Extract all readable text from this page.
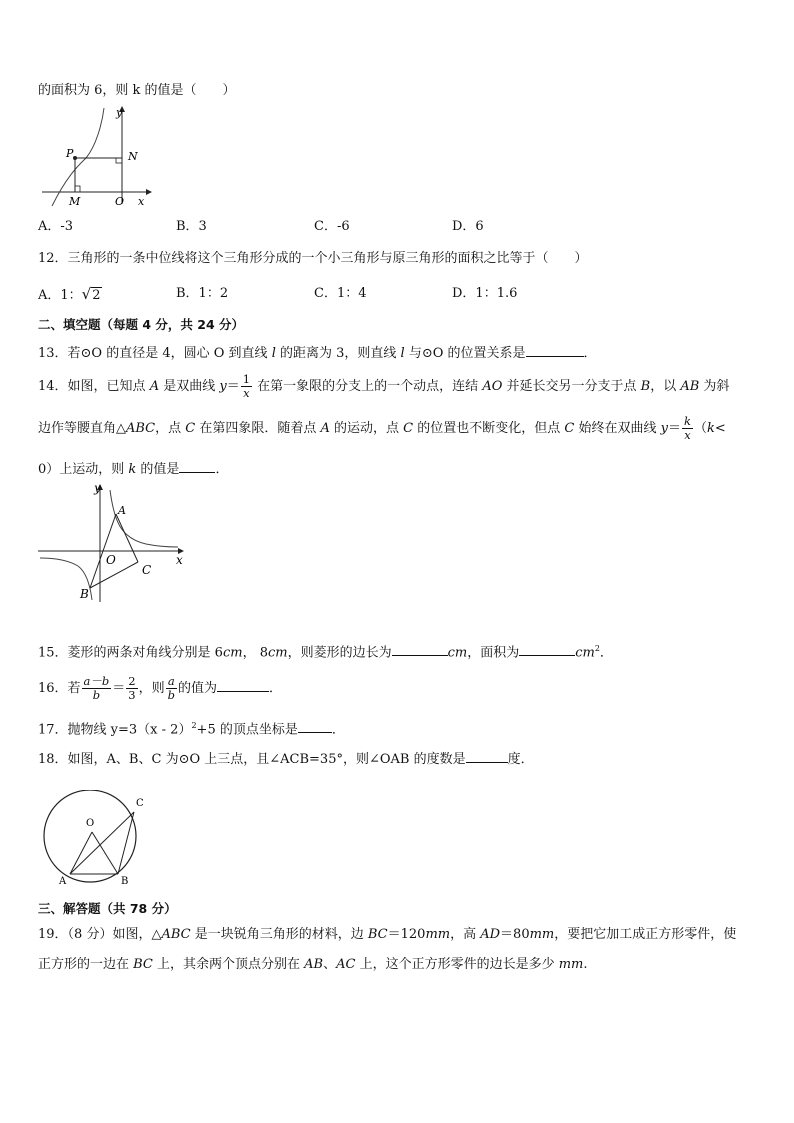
的面积为 6，则 k 的值是（　　）
y
P	N
M	O x
A．-3	B．3	C．-6	D．6
12．三角形的一条中位线将这个三角形分成的一个小三角形与原三角形的面积之比等于（　　）
A．1：√2	B．1：2	C．1：4	D．1：1.6
二、填空题（每题 4 分，共 24 分）
13．若⊙O 的直径是 4，圆心 O 到直线 l 的距离为 3，则直线 l 与⊙O 的位置关系是	．
14．如图，已知点 A 是双曲线 $y= \frac{1}{x}$ 在第一象限的分支上的一个动点，连结 AO 并延长交另一分支于点 B，以 AB 为斜
边作等腰直角△ABC，点 C 在第四象限．随着点 A 的运动，点 C 的位置也不断变化，但点 C 始终在双曲线 $y= \frac{k}{x} (k<$
0）上运动，则 k 的值是	．
y
A
O
C
x
B
15．菱形的两条对角线分别是 6cm， 8cm，则菱形的边长为	cm，面积为	$cm^2$．
16．若 $\frac{a-b}{b} = \frac{2}{3}$ ，则 $\frac{a}{b}$ 的值为	．
17．抛物线 y=3（x - 2）$^2$+5 的顶点坐标是	．
18．如图，A、B、C 为⊙O 上三点，且∠ACB=35°，则∠OAB 的度数是	度．
O
A	B
C
三、解答题（共 78 分）
19．（8 分）如图，△ABC 是一块锐角三角形的材料，边 BC＝120mm，高 AD＝80mm，要把它加工成正方形零件，使
正方形的一边在 BC 上，其余两个顶点分别在 AB、AC 上，这个正方形零件的边长是多少 mm.
